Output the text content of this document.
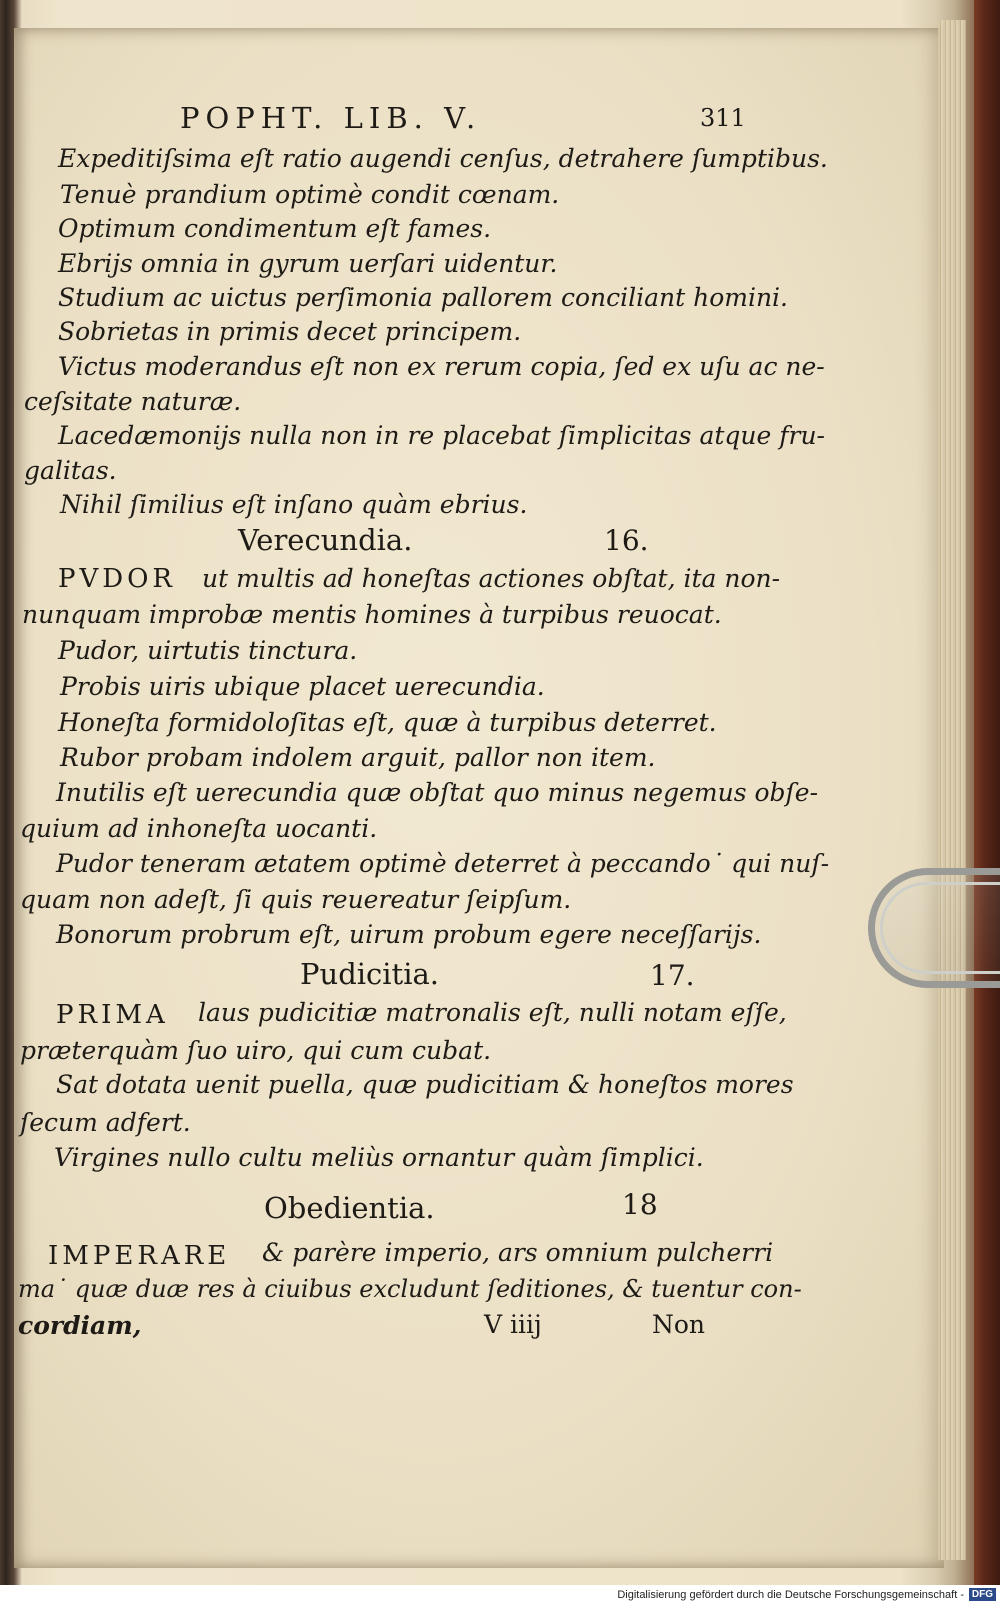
POPHT. LIB. V.	311
Expeditiſsima eſt ratio augendi cenſus, detrahere ſumptibus.
Tenuè prandium optimè condit cœnam.
Optimum condimentum eſt fames.
Ebrijs omnia in gyrum uerſari uidentur.
Studium ac uictus perſimonia pallorem conciliant homini.
Sobrietas in primis decet principem.
Victus moderandus eſt non ex rerum copia, ſed ex uſu ac ne-
ceſsitate naturæ.
Lacedæmonijs nulla non in re placebat ſimplicitas atque fru-
galitas.
Nihil ſimilius eſt inſano quàm ebrius.
Verecundia.	16.
PVDOR ut multis ad honeſtas actiones obſtat, ita non-
nunquam improbæ mentis homines à turpibus reuocat.
Pudor, uirtutis tinctura.
Probis uiris ubique placet uerecundia.
Honeſta formidoloſitas eſt, quæ à turpibus deterret.
Rubor probam indolem arguit, pallor non item.
Inutilis eſt uerecundia quæ obſtat quo minus negemus obſe-
quium ad inhoneſta uocanti.
Pudor teneram ætatem optimè deterret à peccando˙ qui nuſ-
quam non adeſt, ſi quis reuereatur ſeipſum.
Bonorum probrum eſt, uirum probum egere neceſſarijs.
Pudicitia.	17.
PRIMA laus pudicitiæ matronalis eſt, nulli notam eſſe,
præterquàm ſuo uiro, qui cum cubat.
Sat dotata uenit puella, quæ pudicitiam & honeſtos mores
ſecum adfert.
Virgines nullo cultu meliùs ornantur quàm ſimplici.
Obedientia.	18
IMPERARE & parère imperio, ars omnium pulcherri
ma˙ quæ duæ res à ciuibus excludunt ſeditiones, & tuentur con-
cordiam,	V iiij	Non
Digitalisierung gefördert durch die Deutsche Forschungsgemeinschaft - DFG
